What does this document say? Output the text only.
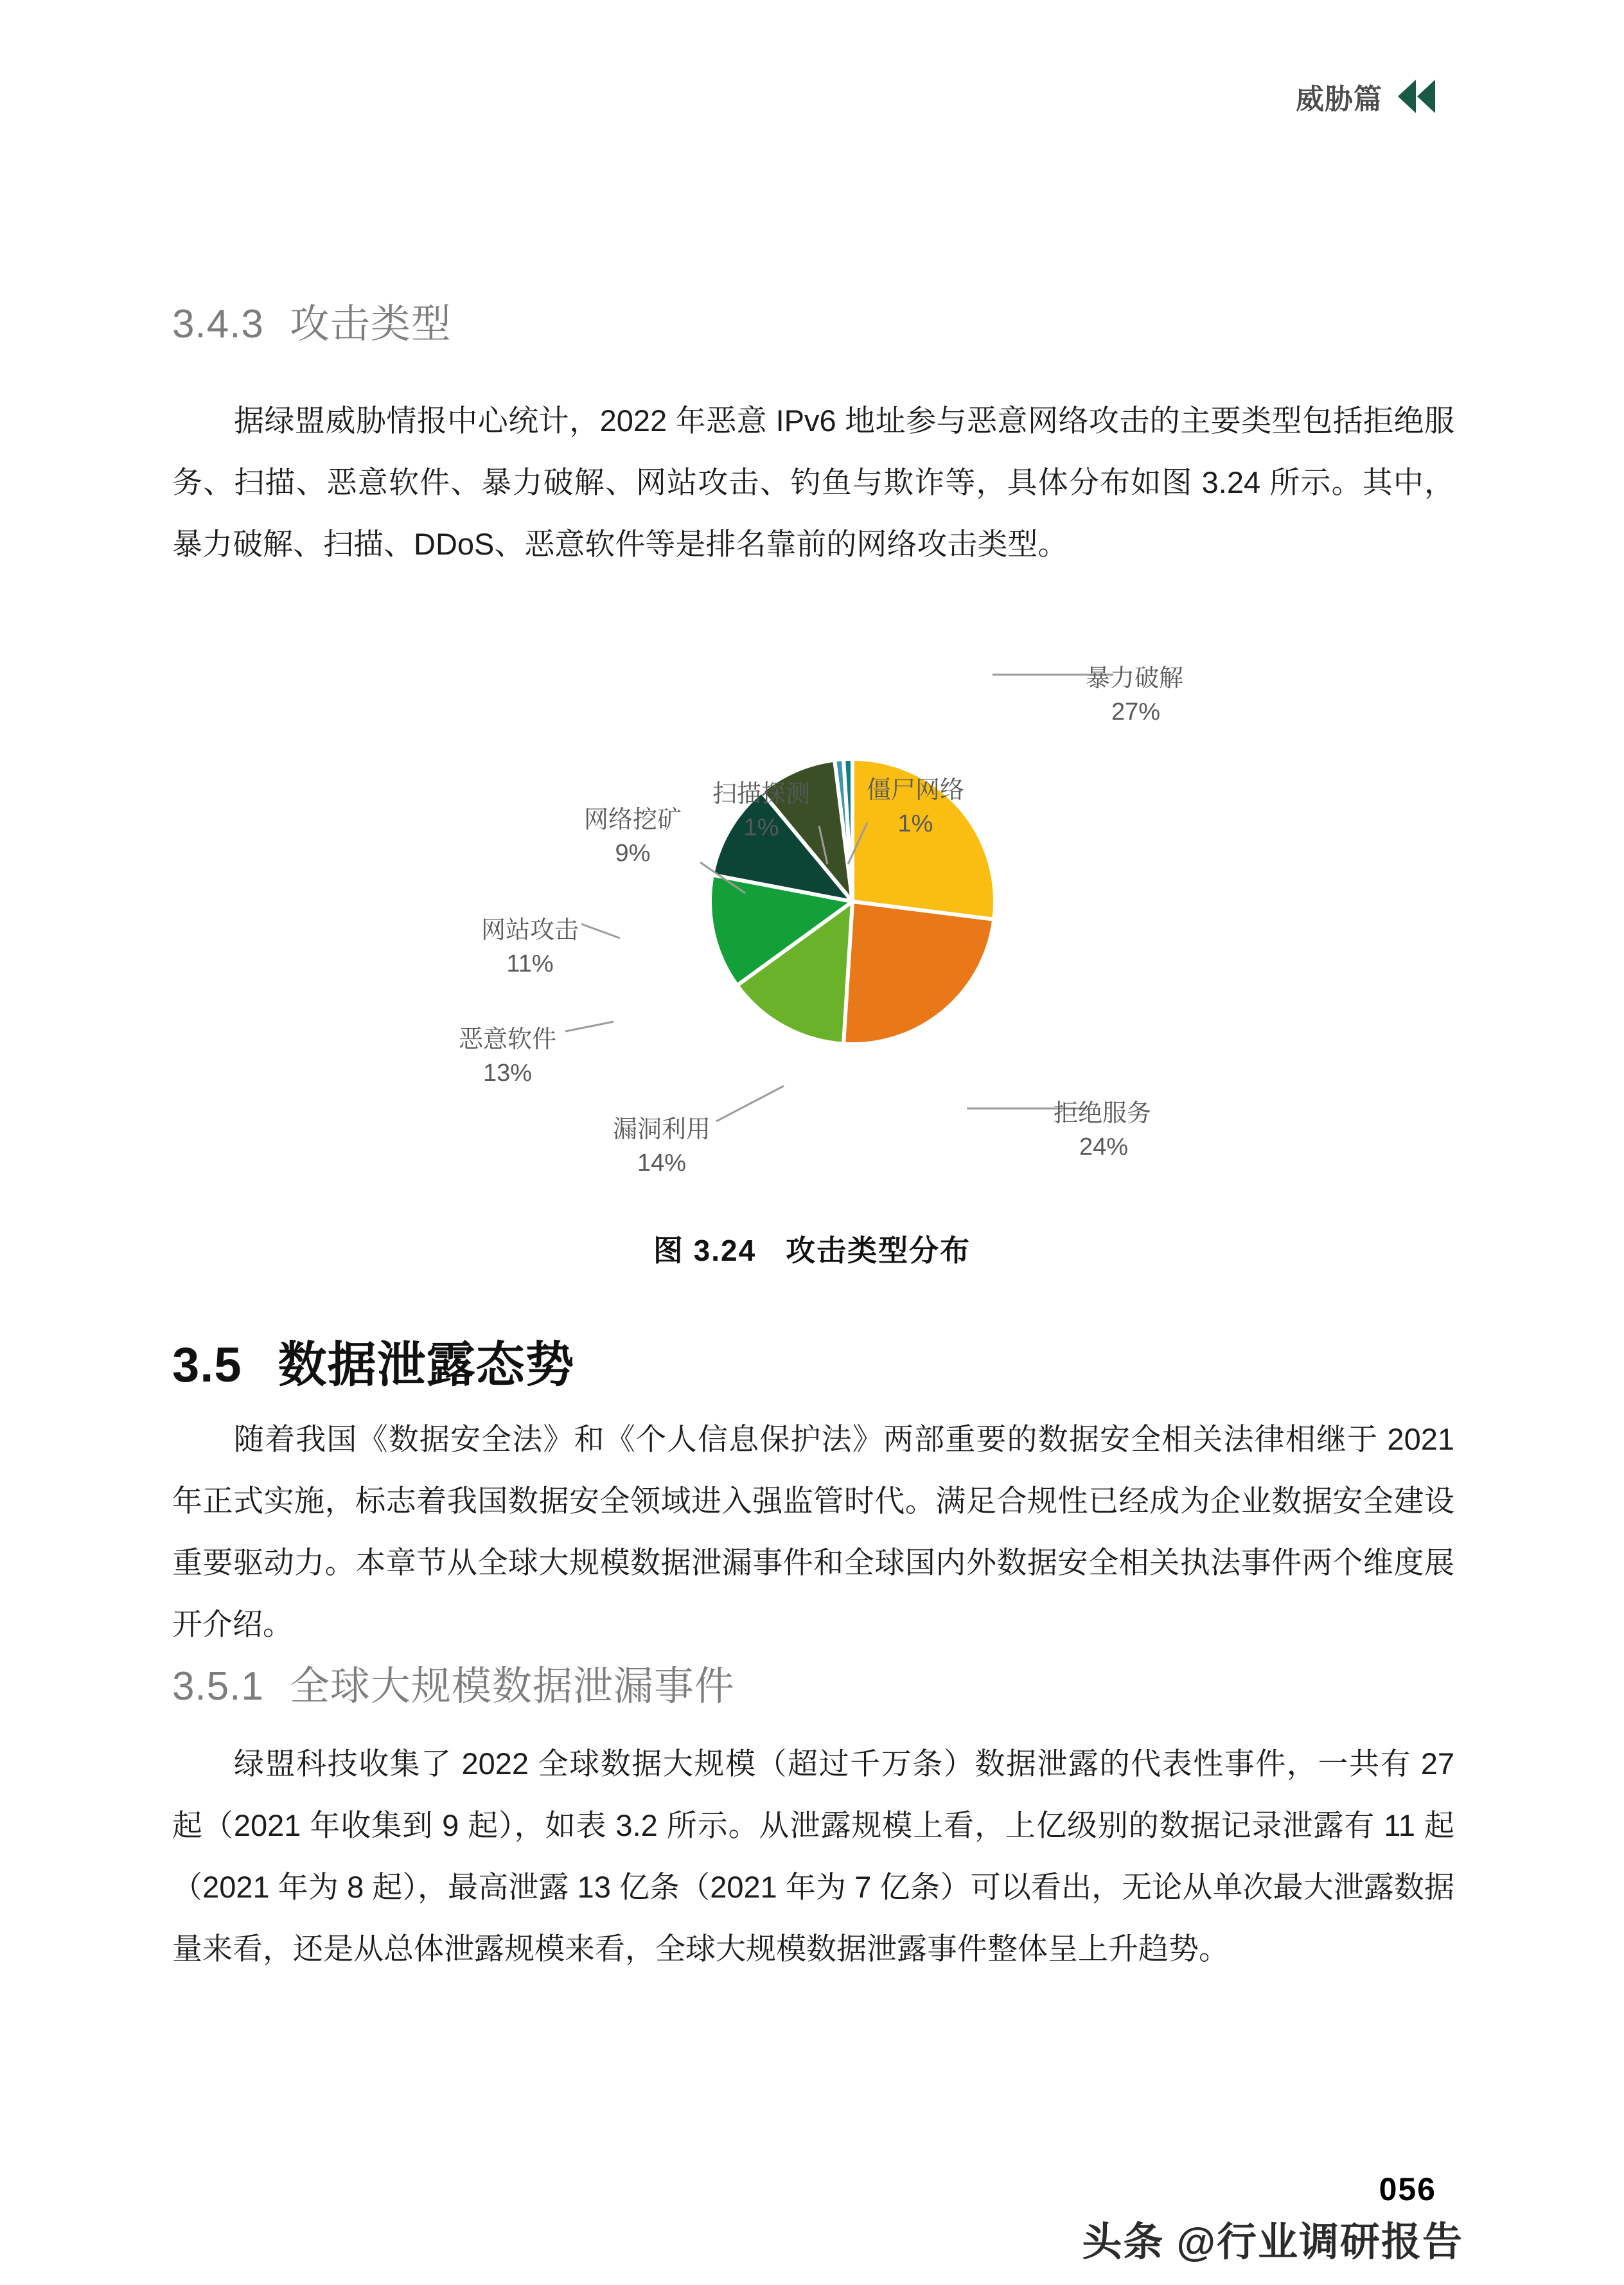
威胁篇
3.4.3 攻击类型

据绿盟威胁情报中心统计，2022 年恶意 IPv6 地址参与恶意网络攻击的主要类型包括拒绝服务、扫描、恶意软件、暴力破解、网站攻击、钓鱼与欺诈等，具体分布如图 3.24 所示。其中，暴力破解、扫描、DDoS、恶意软件等是排名靠前的网络攻击类型。

暴力破解
27%
拒绝服务
24%
漏洞利用
14%
恶意软件
13%
网站攻击
11%
网络挖矿
9%
扫描探测
1%
僵尸网络
1%
图 3.24 攻击类型分布
3.5 数据泄露态势

随着我国《数据安全法》和《个人信息保护法》两部重要的数据安全相关法律相继于 2021 年正式实施，标志着我国数据安全领域进入强监管时代。满足合规性已经成为企业数据安全建设重要驱动力。本章节从全球大规模数据泄漏事件和全球国内外数据安全相关执法事件两个维度展开介绍。

3.5.1 全球大规模数据泄漏事件

绿盟科技收集了 2022 全球数据大规模（超过千万条）数据泄露的代表性事件，一共有 27 起（2021 年收集到 9 起），如表 3.2 所示。从泄露规模上看，上亿级别的数据记录泄露有 11 起（2021 年为 8 起），最高泄露 13 亿条（2021 年为 7 亿条）可以看出，无论从单次最大泄露数据量来看，还是从总体泄露规模来看，全球大规模数据泄露事件整体呈上升趋势。

056
头条 @行业调研报告
